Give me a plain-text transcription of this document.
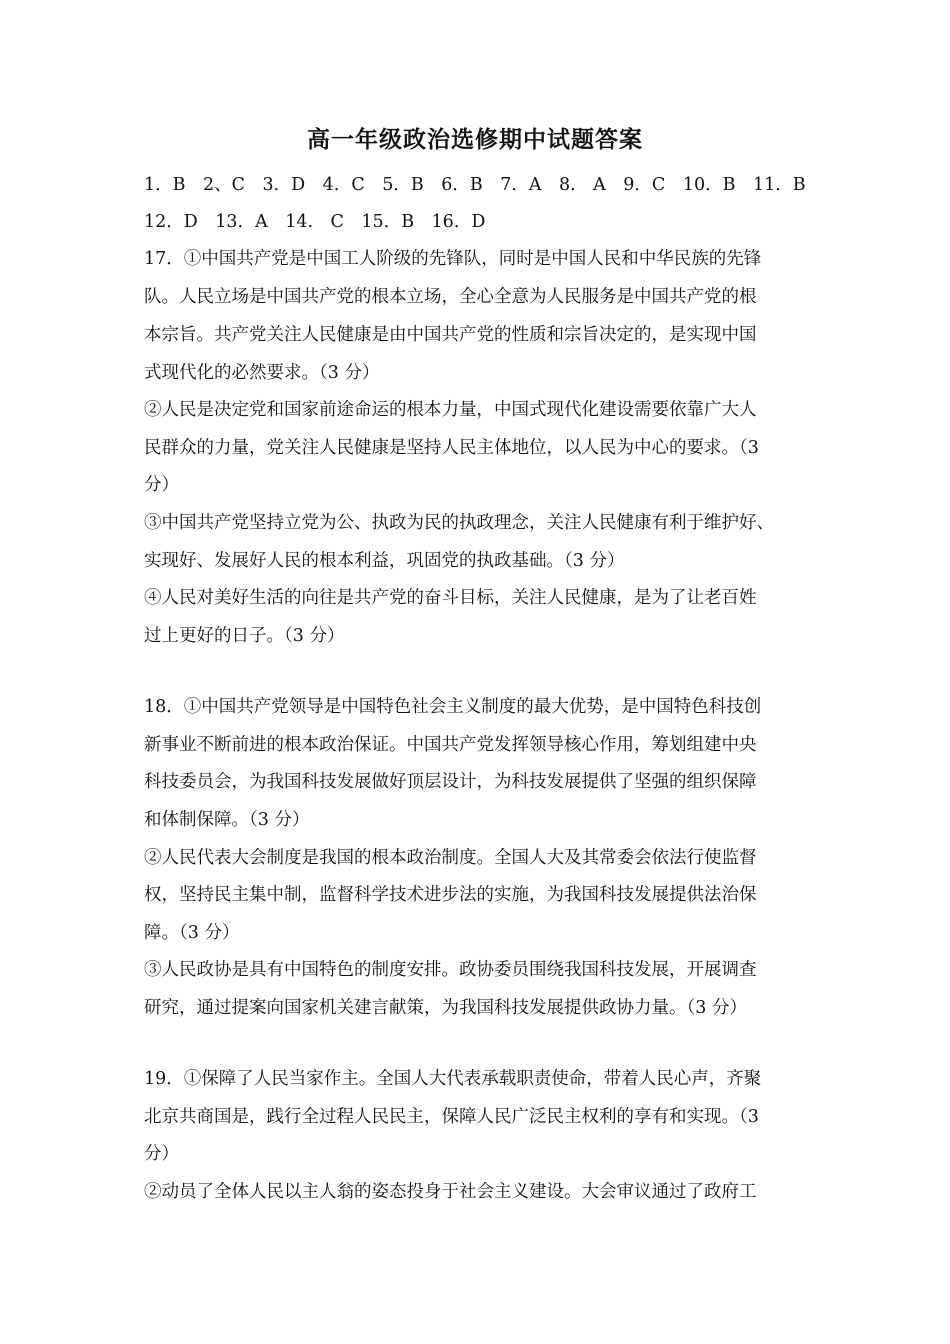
高一年级政治选修期中试题答案
1．B　2、C　3．D　4．C　5．B　6．B　7．A　8.　A　9．C　10．B　11．B
12．D　13．A　14.　C　15．B　16．D
17．①中国共产党是中国工人阶级的先锋队，同时是中国人民和中华民族的先锋
队。人民立场是中国共产党的根本立场，全心全意为人民服务是中国共产党的根
本宗旨。共产党关注人民健康是由中国共产党的性质和宗旨决定的，是实现中国
式现代化的必然要求。（3 分）
②人民是决定党和国家前途命运的根本力量，中国式现代化建设需要依靠广大人
民群众的力量，党关注人民健康是坚持人民主体地位，以人民为中心的要求。（3
分）
③中国共产党坚持立党为公、执政为民的执政理念，关注人民健康有利于维护好、
实现好、发展好人民的根本利益，巩固党的执政基础。（3 分）
④人民对美好生活的向往是共产党的奋斗目标，关注人民健康，是为了让老百姓
过上更好的日子。（3 分）
18．①中国共产党领导是中国特色社会主义制度的最大优势，是中国特色科技创
新事业不断前进的根本政治保证。中国共产党发挥领导核心作用，筹划组建中央
科技委员会，为我国科技发展做好顶层设计，为科技发展提供了坚强的组织保障
和体制保障。（3 分）
②人民代表大会制度是我国的根本政治制度。全国人大及其常委会依法行使监督
权，坚持民主集中制，监督科学技术进步法的实施，为我国科技发展提供法治保
障。（3 分）
③人民政协是具有中国特色的制度安排。政协委员围绕我国科技发展，开展调查
研究，通过提案向国家机关建言献策，为我国科技发展提供政协力量。（3 分）
19．①保障了人民当家作主。全国人大代表承载职责使命，带着人民心声，齐聚
北京共商国是，践行全过程人民民主，保障人民广泛民主权利的享有和实现。（3
分）
②动员了全体人民以主人翁的姿态投身于社会主义建设。大会审议通过了政府工
